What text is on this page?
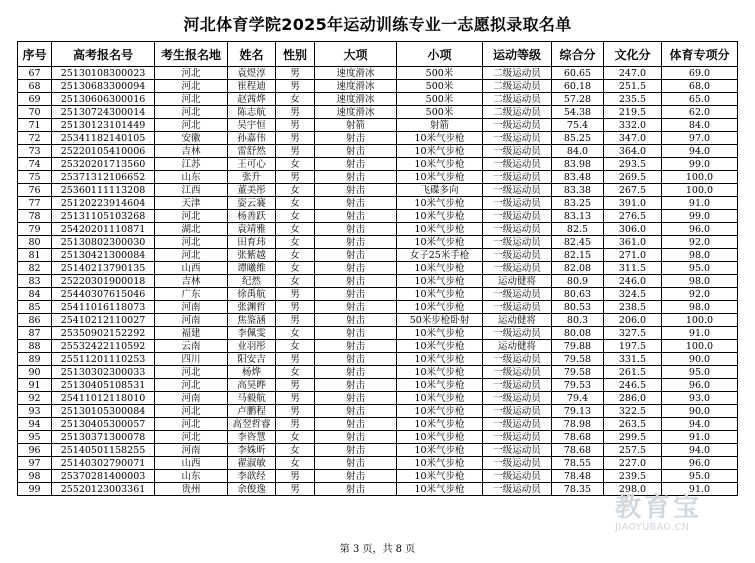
河北体育学院2025年运动训练专业一志愿拟录取名单
序号	高考报名号	考生报名地	姓名	性别	大项	小项	运动等级	综合分	文化分	体育专项分
67	25130108300023	河北	袁煜淳	男	速度滑冰	500米	二级运动员	60.65	247.0	69.0
68	25130683300094	河北	崔程迪	男	速度滑冰	500米	二级运动员	60.18	251.5	68.0
69	25130606300016	河北	赵茜烨	女	速度滑冰	500米	二级运动员	57.28	235.5	65.0
70	25130724300014	河北	陈志航	男	速度滑冰	500米	二级运动员	54.38	219.5	62.0
71	25130123101449	河北	吴宇恒	男	射箭	射箭	一级运动员	75.4	332.0	84.0
72	25341182140105	安徽	孙嘉伟	男	射击	10米气步枪	一级运动员	85.25	347.0	97.0
73	25220105410006	吉林	雷舒然	男	射击	10米气步枪	一级运动员	84.0	364.0	94.0
74	25320201713560	江苏	王可心	女	射击	10米气步枪	一级运动员	83.98	293.5	99.0
75	25371312106652	山东	张升	男	射击	10米气步枪	一级运动员	83.48	269.5	100.0
76	25360111113208	江西	董美彤	女	射击	飞碟多向	一级运动员	83.38	267.5	100.0
77	25120223914604	天津	姿云褰	女	射击	10米气步枪	一级运动员	83.25	391.0	91.0
78	25131105103268	河北	杨善跃	女	射击	10米气步枪	一级运动员	83.13	276.5	99.0
79	25420201110871	湖北	袁靖雅	女	射击	10米气步枪	一级运动员	82.5	306.0	96.0
80	25130802300030	河北	田育玮	女	射击	10米气步枪	一级运动员	82.45	361.0	92.0
81	25130421300084	河北	张紫越	女	射击	女子25米手枪	一级运动员	82.15	271.0	98.0
82	25140213790135	山西	谭曦维	女	射击	10米气步枪	一级运动员	82.08	311.5	95.0
83	25220301900018	吉林	纪然	女	射击	10米气步枪	运动健将	80.9	246.0	98.0
84	25440307615046	广东	徐禹航	男	射击	10米气步枪	一级运动员	80.63	324.5	92.0
85	25411016118073	河南	张渊哲	男	射击	10米气步枪	一级运动员	80.53	238.5	98.0
86	25410212110027	河南	焦鉴涵	男	射击	50米步枪卧射	运动健将	80.3	206.0	100.0
87	25350902152292	福建	李佩雯	女	射击	10米气步枪	一级运动员	80.08	327.5	91.0
88	25532422110592	云南	业羽彤	女	射击	10米气步枪	运动健将	79.88	197.5	100.0
89	25511201110253	四川	阳安吉	男	射击	10米气步枪	一级运动员	79.58	331.5	90.0
90	25130302300033	河北	杨烨	女	射击	10米气步枪	一级运动员	79.58	261.5	95.0
91	25130405108531	河北	高昊晔	男	射击	10米气步枪	一级运动员	79.53	246.5	96.0
92	25411012118010	河南	马毅航	男	射击	10米气步枪	一级运动员	79.4	286.0	93.0
93	25130105300084	河北	卢鹏程	男	射击	10米气步枪	一级运动员	79.13	322.5	90.0
94	25130405300057	河北	高翌哲睿	男	射击	10米气步枪	一级运动员	78.98	263.5	94.0
95	25130371300078	河北	李咨慧	女	射击	10米气步枪	一级运动员	78.68	299.5	91.0
96	25140501158255	河南	李姝昕	女	射击	10米气步枪	一级运动员	78.68	257.5	94.0
97	25140302790071	山西	翟淑敏	女	射击	10米气步枪	一级运动员	78.55	227.0	96.0
98	25370281400003	山东	李歆经	男	射击	10米气步枪	一级运动员	78.48	239.5	95.0
99	25520123003361	贵州	余俊逸	男	射击	10米气步枪	一级运动员	78.35	298.0	91.0
第 3 页，共 8 页
教育宝
JIAOYUBAO.CN
